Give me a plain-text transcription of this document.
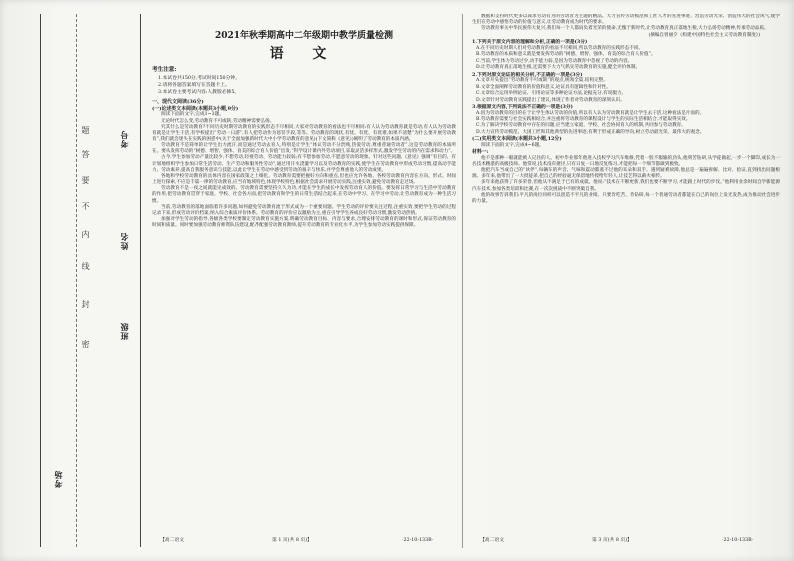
考号
姓名
班级
考场
密
封
线
内
不
要
答
题
2021年秋季期高中二年级期中教学质量检测
语 文
考生注意:
1.本试卷共150分,考试时间150分钟。
2.请将各题答案填写在答题卡上。
3.本试卷主要考试内容:人教版必修5。
一、现代文阅读(36分)
(一)论述类文本阅读(本题共3小题,9分)
阅读下面的文字,完成1~3题。
无论时代怎么变,劳动教育不可或缺,劳动精神需要弘扬。
究其什么是劳动教育?不同历史时期劳动教育的实践形态不尽相同,大家对劳动教育的看法也不尽相同:有人认为劳动教育就是劳动,有人认为劳动教育就是让学生干活,有学校提出“劳动一日游”,有人把劳动作为惩罚手段,等等。劳动教育的现状,有忧、有优、有优难,如果不清楚“为什么要开展劳动教育”,我们就会迷失在实践的困惑中(关于全面加强新时代大中小学劳动教育的意见)(下文简称《意见》)阐明了劳动教育的本质内涵。
劳动教育不是简单的让学生出力流汗,而是通过劳动去育人,特别是让学生“体认劳动不分贵贱,热爱劳动,尊重普通劳动者”,这是劳动教育的本质所在。要从发挥劳动的“树德、增智、强体、育美的综合育人价值”出发,“科学设计课内外劳动项目,采取灵活多样形式,激发学生劳动的内在需求和动力”。
古今,学生参加劳动产量比较少,不想劳动,轻视劳动、劳动能力较弱;有不想参加劳动,不愿意劳动的现象。针对这些问题,《意见》强调“有目的、有计划地组织学生参加日常生活劳动、生产劳动和服务性劳动”,通过用汗水浇灌学习以及劳动教育的实践,使学生在劳动教育中形成劳动习惯,提高动手能力、劳动素养,提高自我服务意识与技能,以此让学生在劳动中感受到劳动的艰辛与快乐,并学会尊重他人的劳动成果。
各地和学校劳动教育的具体内容在国家政策之上细化。劳动教育需要把握好方向和重点,但也应允许各地、各校劳动教育内容在方向、形式、时间上进行探索,不应是千篇一律的劳动教育,应当有地域特色,体现学校特色,根据社会需求开展劳动实践,注重实效,避免劳动教育走过场。
劳动教育不是一夜之间就能见成效的。劳动教育需要坚持久久为功,才能在学生的成长中发挥劳动育人的价值。要发挥日常学习与生活中劳动教育的作用,把劳动教育贯穿于家庭、学校、社会各方面,把劳动教育和学生的日常生活结合起来,在劳动中学习、在学习中劳动,让劳动教育成为一种生活习惯。
当前,劳动教育的落地面临着许多问题,如何避免劳动教育流于形式成为一个重要问题。学生劳动的评价要关注过程,注重实效,要把学生劳动的过程记录下来,形成劳动评价档案,纳入综合素质评价体系。劳动教育的评价应以激励为主,重在引导学生养成良好劳动习惯,激发劳动热情。
加强对学生劳动的指导,各级各类学校要制定劳动教育实施方案,明确劳动教育目标、内容与要求,合理安排劳动教育的课时和形式,保证劳动教育的时间和质量。同时要加强劳动教育师资队伍建设,配齐配强劳动教育教师,提升劳动教育的专业化水平,为学生参加劳动实践提供保障。
数据和支持时代更多以谋求劳动有为的劳动者为主题的精品。大力宣传劳动模范和工匠人才的先进事迹、营造劳动光荣、创造伟大的社会风气,使学生们在劳动中感悟劳动的价值与意义,让劳动教育成为时代的要求。
劳动教育事关中华民族伟大复兴,我们每一个人都肩负着光荣的使命,无愧于新时代,让劳动教育真正落地生根,大力弘扬劳动精神,传承劳动品质。
(摘编自曾丽夕《构建中国特色社会主义劳动教育制度》)
1.下列关于原文内容的理解和分析,正确的一项是(3分)
A.在不同历史时期人们对劳动教育的看法不尽相同,所以劳动教育的实践形态不同。
B.劳动教育的本质和意义就是要发挥劳动的“树德、增智、强体、育美的综合育人价值”。
C.当前,学生体力劳动过少,动手能力弱,是因为劳动教育中忽视了劳动的内容。
D.让劳动教育真正落地生根,还需要下大力气抓实劳动教育的实施,健全评价体制。
2.下列对原文论证的相关分析,不正确的一项是(3分)
A.文章开头提出“劳动教育不可或缺”的观点,统领全篇,结构完整。
B.文章全面阐释劳动教育的价值和意义,论证具有逻辑性和针对性。
C.文章综合运用举例论证、引用论证等多种论证方法,论据充分,有说服力。
D.文章针对劳动教育实践提出了建议,体现了作者对劳动教育的深刻认识。
3.根据原文内容,下列说法不正确的一项是(3分)
A.因为劳动教育的目的在于让学生体认劳动的价值,所以有人认为劳动教育就是让学生去干活,这种看法是片面的。
B.劳动教育需要与社会实践相结合,并注重将劳动教育的课程设计与学生的实际生活相结合,才能取得实效。
C.为了解决学校劳动教育中存在的问题,应当建立家庭、学校、社会协同育人的机制,共同参与劳动教育。
D.大力宣传劳动模范、大国工匠和其他典型的先进事迹,有利于形成正确的导向,树立劳动最光荣、最伟大的观念。
(二)实用类文本阅读(本题共3小题,12分)
阅读下面的文字,完成4~6题。
材料一:
他不是那种一眼就能被人记住的人。初中毕业那年他进入技校学习汽车维修,凭着一股不服输的劲头,他刻苦钻研,从学徒做起,一步一个脚印,成长为一名技术精湛的高级技师。他常说,技术没有捷径,只有日复一日地反复练习,才能把每一个细节都做到极致。
他把汽车当成自己的“伙伴”,每辆车的声音、气味和震动都逃不过他的耳朵和双手。遇到疑难故障,他总是一遍遍拆解、比对、验证,直到找出问题根源。多年来,他带出了一大批徒弟,把自己的经验毫无保留地传授给年轻人,让技艺得以薪火相传。
多年来他获得了许多荣誉,但他从不满足于已有的成就。他说:“技术在不断更新,我们也要不断学习,才能跟上时代的步伐。”他利用业余时间自学新能源汽车技术,参加各类培训和比赛,在一次次挑战中不断突破自我。
他的故事告诉我们:平凡的岗位同样可以创造不平凡的业绩。只要肯吃苦、肯钻研,每一个普通劳动者都能在自己的岗位上发光发热,成为推动社会进步的力量。
【高二语文	第 1 页(共 8 页)】	·22-10-133B·	【高二语文	第 3 页(共 8 页)】	·22-10-133B·
